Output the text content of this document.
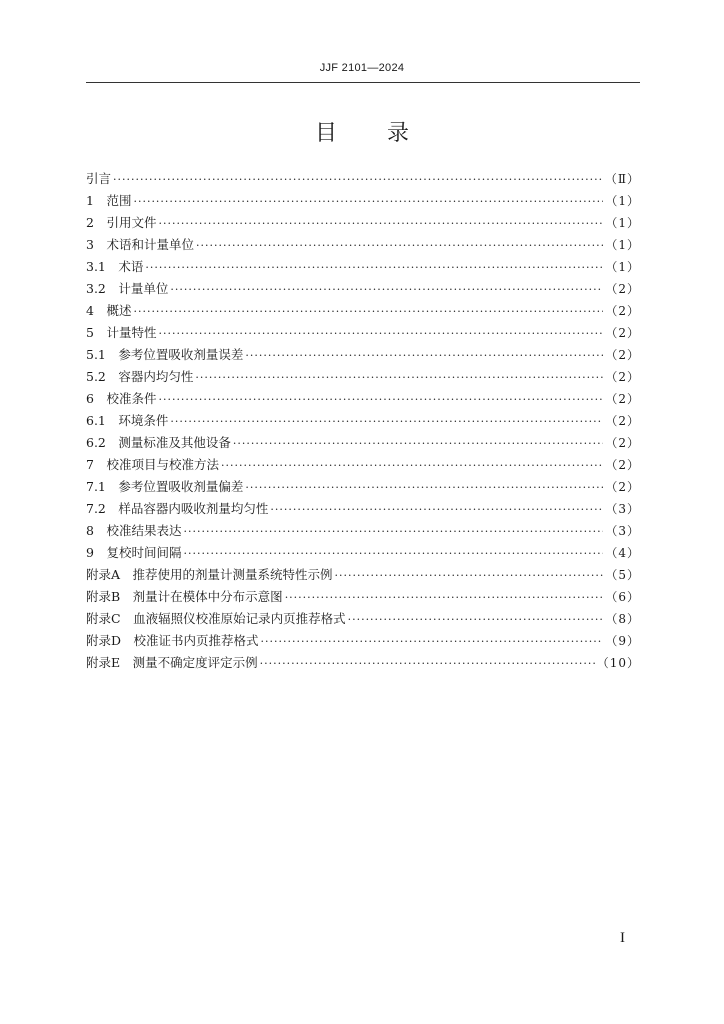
JJF 2101—2024
目录
引言 ·····	（Ⅱ）
1　范围 ·····	（1）
2　引用文件 ·····	（1）
3　术语和计量单位 ·····	（1）
3.1　术语 ·····	（1）
3.2　计量单位 ·····	（2）
4　概述 ·····	（2）
5　计量特性 ·····	（2）
5.1　参考位置吸收剂量误差 ·····	（2）
5.2　容器内均匀性 ·····	（2）
6　校准条件 ·····	（2）
6.1　环境条件 ·····	（2）
6.2　测量标准及其他设备 ·····	（2）
7　校准项目与校准方法 ·····	（2）
7.1　参考位置吸收剂量偏差 ·····	（2）
7.2　样品容器内吸收剂量均匀性 ·····	（3）
8　校准结果表达 ·····	（3）
9　复校时间间隔 ·····	（4）
附录A　推荐使用的剂量计测量系统特性示例 ·····	（5）
附录B　剂量计在模体中分布示意图 ·····	（6）
附录C　血液辐照仪校准原始记录内页推荐格式 ·····	（8）
附录D　校准证书内页推荐格式 ·····	（9）
附录E　测量不确定度评定示例 ·····	（10）
I
